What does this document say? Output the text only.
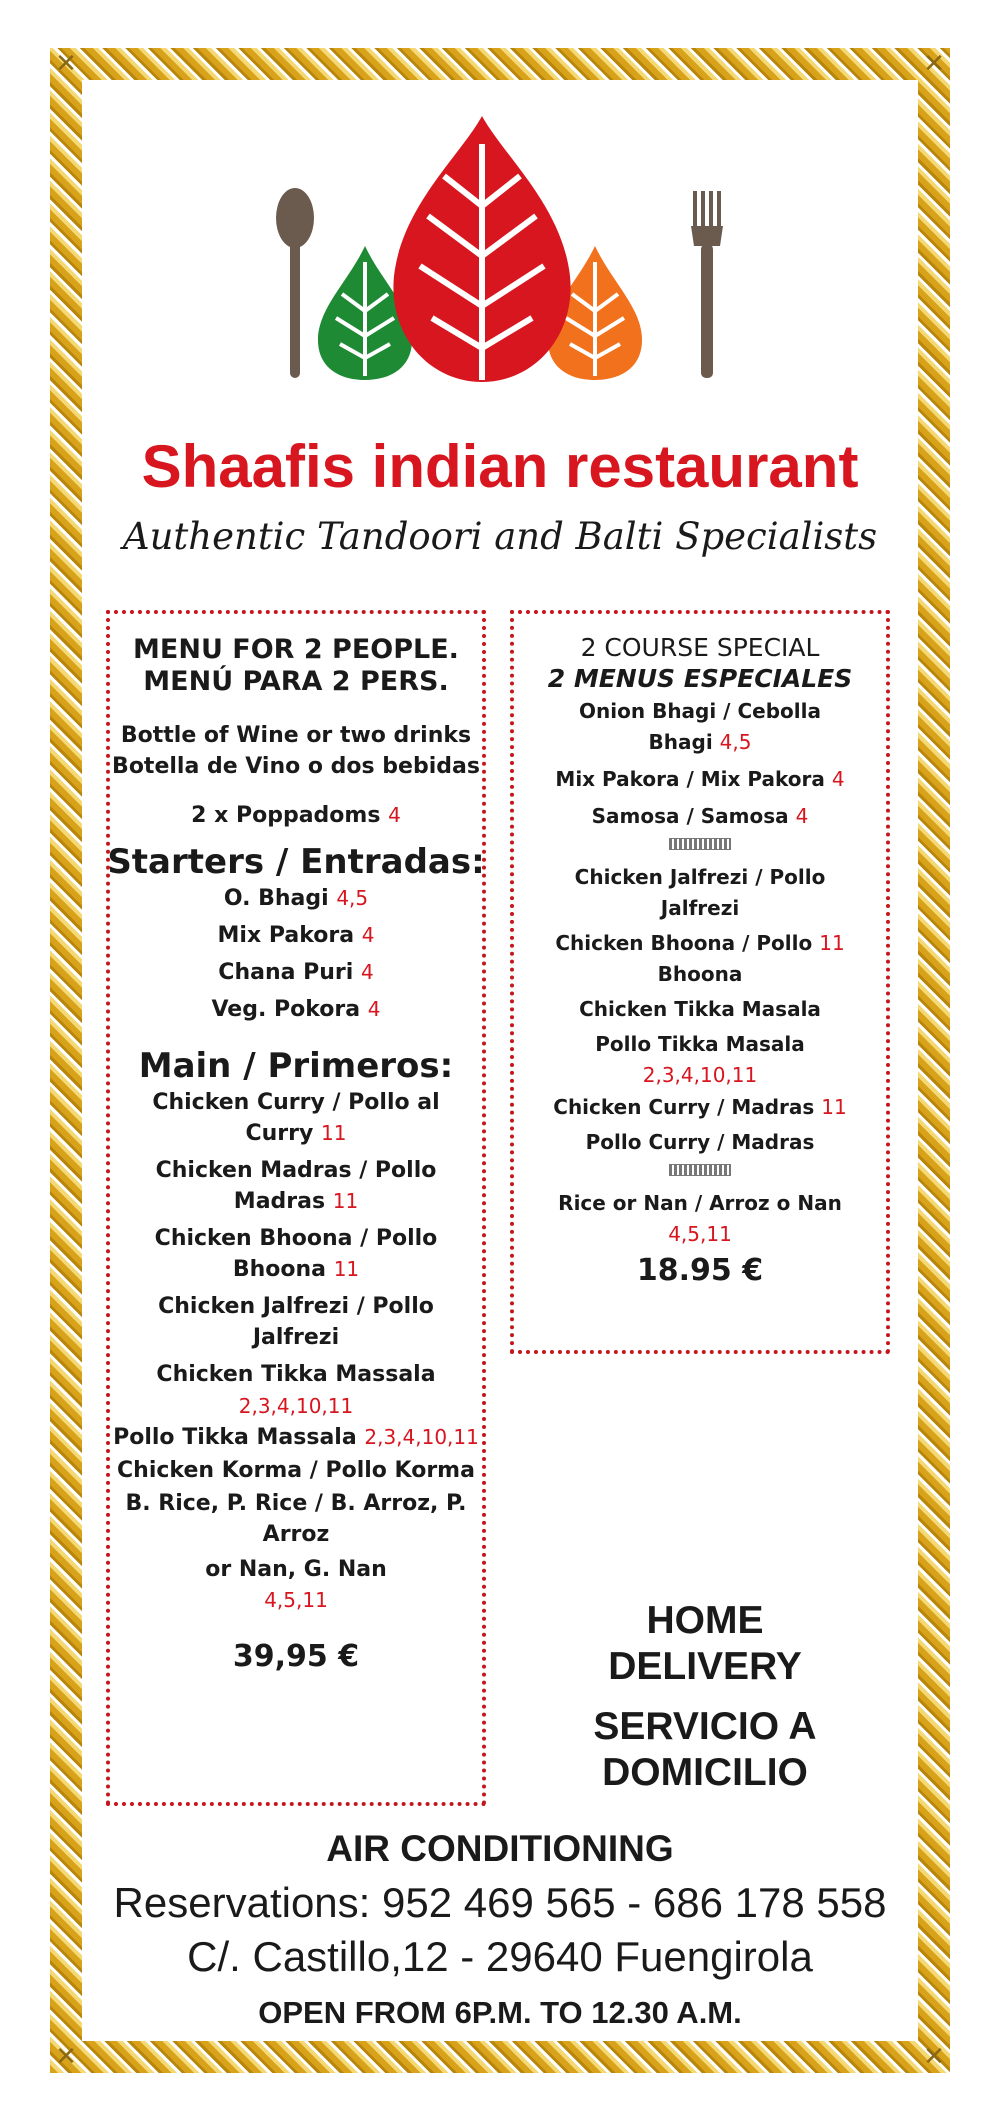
✕	✕
✕	✕
Shaafis indian restaurant
Authentic Tandoori and Balti Specialists
MENU FOR 2 PEOPLE.
MENÚ PARA 2 PERS.
Bottle of Wine or two drinks
Botella de Vino o dos bebidas
2 x Poppadoms 4
Starters / Entradas:
O. Bhagi 4,5
Mix Pakora 4
Chana Puri 4
Veg. Pokora 4
Main / Primeros:
Chicken Curry / Pollo al
Curry 11
Chicken Madras / Pollo
Madras 11
Chicken Bhoona / Pollo
Bhoona 11
Chicken Jalfrezi / Pollo
Jalfrezi
Chicken Tikka Massala
2,3,4,10,11
Pollo Tikka Massala 2,3,4,10,11
Chicken Korma / Pollo Korma
B. Rice, P. Rice / B. Arroz, P.
Arroz
or Nan, G. Nan
4,5,11
39,95 €
2 COURSE SPECIAL
2 MENUS ESPECIALES
Onion Bhagi / Cebolla
Bhagi 4,5
Mix Pakora / Mix Pakora 4
Samosa / Samosa 4
Chicken Jalfrezi / Pollo
Jalfrezi
Chicken Bhoona / Pollo 11
Bhoona
Chicken Tikka Masala
Pollo Tikka Masala
2,3,4,10,11
Chicken Curry / Madras 11
Pollo Curry / Madras
Rice or Nan / Arroz o Nan
4,5,11
18.95 €
HOME
DELIVERY
SERVICIO A
DOMICILIO
AIR CONDITIONING
Reservations: 952 469 565 - 686 178 558
C/. Castillo,12 - 29640 Fuengirola
OPEN FROM 6P.M. TO 12.30 A.M.
